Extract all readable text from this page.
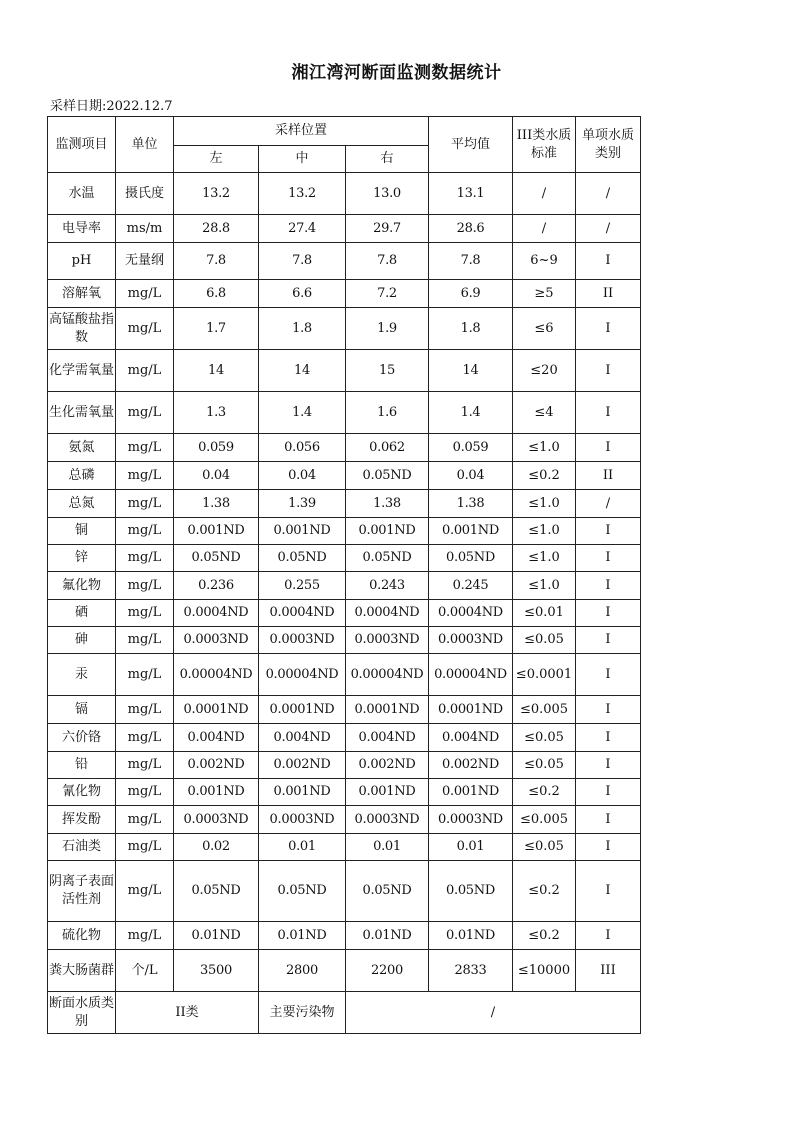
湘江湾河断面监测数据统计
采样日期:2022.12.7
监测项目	单位	采样位置			平均值	III类水质标准	单项水质类别
		左	中	右			
水温	摄氏度	13.2	13.2	13.0	13.1	/	/
电导率	ms/m	28.8	27.4	29.7	28.6	/	/
pH	无量纲	7.8	7.8	7.8	7.8	6~9	I
溶解氧	mg/L	6.8	6.6	7.2	6.9	≥5	II
高锰酸盐指数	mg/L	1.7	1.8	1.9	1.8	≤6	I
化学需氧量	mg/L	14	14	15	14	≤20	I
生化需氧量	mg/L	1.3	1.4	1.6	1.4	≤4	I
氨氮	mg/L	0.059	0.056	0.062	0.059	≤1.0	I
总磷	mg/L	0.04	0.04	0.05ND	0.04	≤0.2	II
总氮	mg/L	1.38	1.39	1.38	1.38	≤1.0	/
铜	mg/L	0.001ND	0.001ND	0.001ND	0.001ND	≤1.0	I
锌	mg/L	0.05ND	0.05ND	0.05ND	0.05ND	≤1.0	I
氟化物	mg/L	0.236	0.255	0.243	0.245	≤1.0	I
硒	mg/L	0.0004ND	0.0004ND	0.0004ND	0.0004ND	≤0.01	I
砷	mg/L	0.0003ND	0.0003ND	0.0003ND	0.0003ND	≤0.05	I
汞	mg/L	0.00004ND	0.00004ND	0.00004ND	0.00004ND	≤0.0001	I
镉	mg/L	0.0001ND	0.0001ND	0.0001ND	0.0001ND	≤0.005	I
六价铬	mg/L	0.004ND	0.004ND	0.004ND	0.004ND	≤0.05	I
铅	mg/L	0.002ND	0.002ND	0.002ND	0.002ND	≤0.05	I
氰化物	mg/L	0.001ND	0.001ND	0.001ND	0.001ND	≤0.2	I
挥发酚	mg/L	0.0003ND	0.0003ND	0.0003ND	0.0003ND	≤0.005	I
石油类	mg/L	0.02	0.01	0.01	0.01	≤0.05	I
阴离子表面活性剂	mg/L	0.05ND	0.05ND	0.05ND	0.05ND	≤0.2	I
硫化物	mg/L	0.01ND	0.01ND	0.01ND	0.01ND	≤0.2	I
粪大肠菌群	个/L	3500	2800	2200	2833	≤10000	III
断面水质类别	II类		主要污染物	/			
